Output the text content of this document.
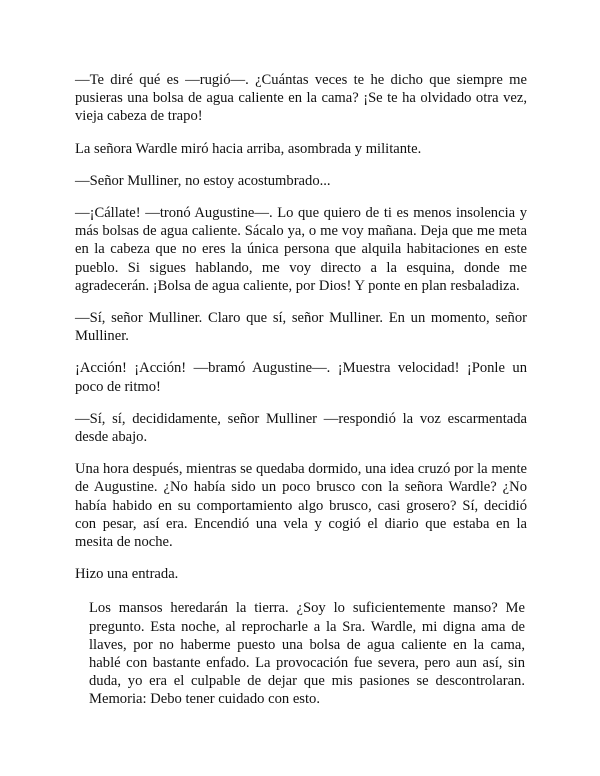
—Te diré qué es —rugió—. ¿Cuántas veces te he dicho que siempre me pusieras una bolsa de agua caliente en la cama? ¡Se te ha olvidado otra vez, vieja cabeza de trapo!

La señora Wardle miró hacia arriba, asombrada y militante.

—Señor Mulliner, no estoy acostumbrado...

—¡Cállate! —tronó Augustine—. Lo que quiero de ti es menos insolencia y más bolsas de agua caliente. Sácalo ya, o me voy mañana. Deja que me meta en la cabeza que no eres la única persona que alquila habitaciones en este pueblo. Si sigues hablando, me voy directo a la esquina, donde me agradecerán. ¡Bolsa de agua caliente, por Dios! Y ponte en plan resbaladiza.

—Sí, señor Mulliner. Claro que sí, señor Mulliner. En un momento, señor Mulliner.

¡Acción! ¡Acción! —bramó Augustine—. ¡Muestra velocidad! ¡Ponle un poco de ritmo!

—Sí, sí, decididamente, señor Mulliner —respondió la voz escarmentada desde abajo.

Una hora después, mientras se quedaba dormido, una idea cruzó por la mente de Augustine. ¿No había sido un poco brusco con la señora Wardle? ¿No había habido en su comportamiento algo brusco, casi grosero? Sí, decidió con pesar, así era. Encendió una vela y cogió el diario que estaba en la mesita de noche.

Hizo una entrada.

Los mansos heredarán la tierra. ¿Soy lo suficientemente manso? Me pregunto. Esta noche, al reprocharle a la Sra. Wardle, mi digna ama de llaves, por no haberme puesto una bolsa de agua caliente en la cama, hablé con bastante enfado. La provocación fue severa, pero aun así, sin duda, yo era el culpable de dejar que mis pasiones se descontrolaran. Memoria: Debo tener cuidado con esto.
